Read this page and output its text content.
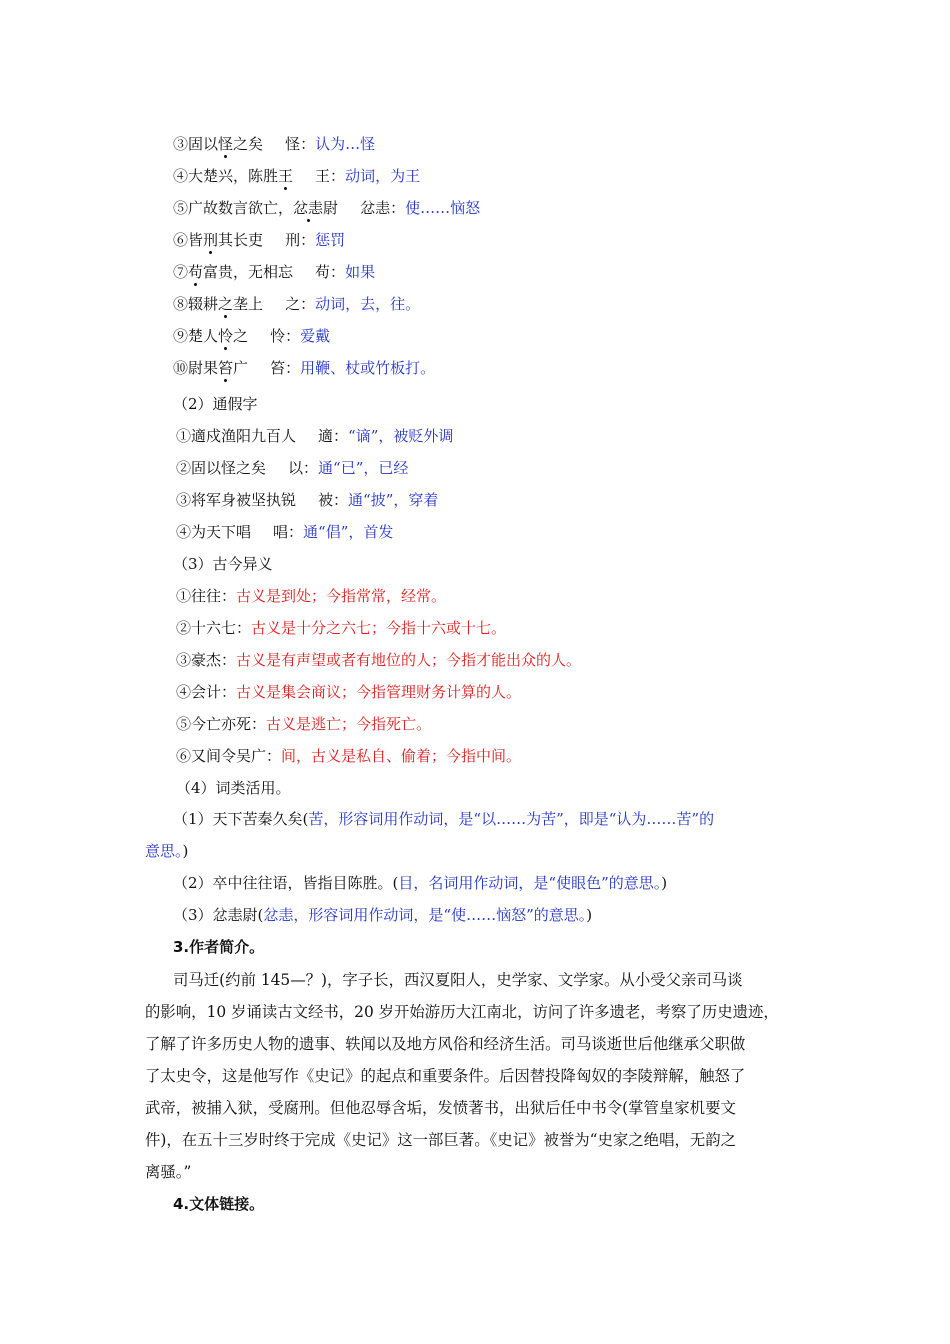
③固以怪之矣 怪：认为…怪
④大楚兴，陈胜王 王：动词，为王
⑤广故数言欲亡，忿恚尉 忿恚：使……恼怒
⑥皆刑其长吏 刑：惩罚
⑦苟富贵，无相忘 苟：如果
⑧辍耕之垄上 之：动词，去，往。
⑨楚人怜之 怜：爱戴
⑩尉果笞广 笞：用鞭、杖或竹板打。
（2）通假字
①適戍渔阳九百人 適：“谪”，被贬外调
②固以怪之矣 以：通“已”，已经
③将军身被坚执锐 被：通“披”，穿着
④为天下唱 唱：通“倡”，首发
（3）古今异义
①往往：古义是到处；今指常常，经常。
②十六七：古义是十分之六七；今指十六或十七。
③豪杰：古义是有声望或者有地位的人；今指才能出众的人。
④会计：古义是集会商议；今指管理财务计算的人。
⑤今亡亦死：古义是逃亡；今指死亡。
⑥又间令吴广：间，古义是私自、偷着；今指中间。
（4）词类活用。
（1）天下苦秦久矣(苦，形容词用作动词，是“以……为苦”，即是“认为……苦”的
意思。)
（2）卒中往往语，皆指目陈胜。(目，名词用作动词，是“使眼色”的意思。)
（3）忿恚尉(忿恚，形容词用作动词，是“使……恼怒”的意思。)
3.作者简介。
司马迁(约前 145—？)，字子长，西汉夏阳人，史学家、文学家。从小受父亲司马谈
的影响，10 岁诵读古文经书，20 岁开始游历大江南北，访问了许多遗老，考察了历史遗迹，
了解了许多历史人物的遗事、轶闻以及地方风俗和经济生活。司马谈逝世后他继承父职做
了太史令，这是他写作《史记》的起点和重要条件。后因替投降匈奴的李陵辩解，触怒了
武帝，被捕入狱，受腐刑。但他忍辱含垢，发愤著书，出狱后任中书令(掌管皇家机要文
件)，在五十三岁时终于完成《史记》这一部巨著。《史记》被誉为“史家之绝唱，无韵之
离骚。”
4.文体链接。
